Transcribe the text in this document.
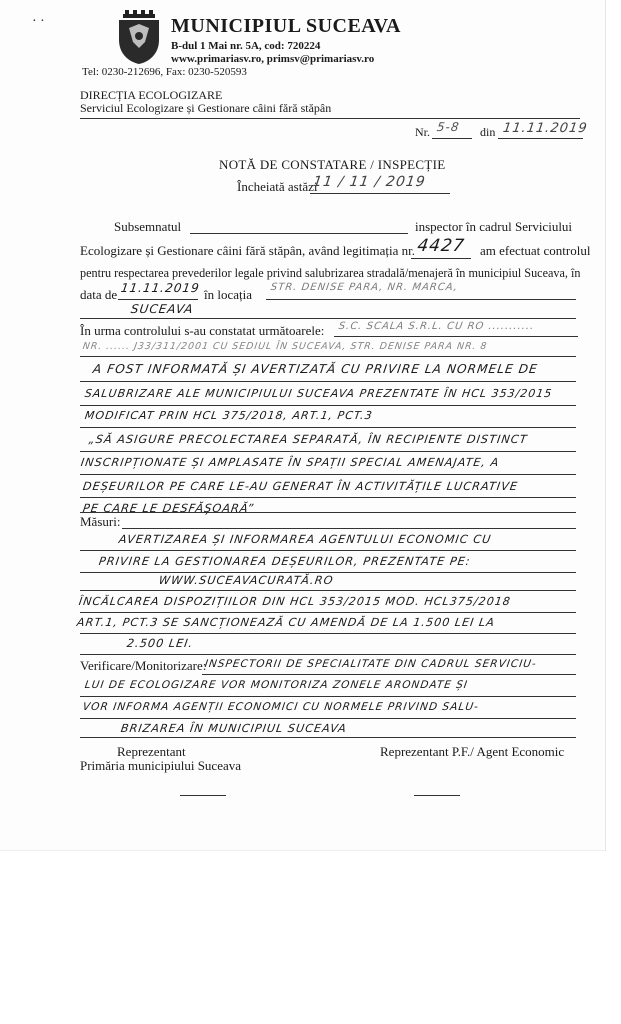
· ·	MUNICIPIUL SUCEAVA
B-dul 1 Mai nr. 5A, cod: 720224
www.primariasv.ro, primsv@primariasv.ro
Tel: 0230-212696, Fax: 0230-520593
DIRECȚIA ECOLOGIZARE
Serviciul Ecologizare și Gestionare câini fără stăpân
Nr. 5-8 din 11.11.2019
NOTĂ DE CONSTATARE / INSPECȚIE
Încheiată astăzi
11 / 11 / 2019
Subsemnatul	inspector în cadrul Serviciului
Ecologizare și Gestionare câini fără stăpân, având legitimația nr. 4427 am efectuat controlul
pentru respectarea prevederilor legale privind salubrizarea stradală/menajeră în municipiul Suceava, în
data de 11.11.2019 în locația STR. DENISE PARA, NR. MARCA,
SUCEAVA
În urma controlului s-au constatat următoarele: S.C. SCALA S.R.L. CU RO ...........
NR. ...... J33/311/2001 CU SEDIUL ÎN SUCEAVA, STR. DENISE PARA NR. 8
A FOST INFORMATĂ ȘI AVERTIZATĂ CU PRIVIRE LA NORMELE DE
SALUBRIZARE ALE MUNICIPIULUI SUCEAVA PREZENTATE ÎN HCL 353/2015
MODIFICAT PRIN HCL 375/2018, ART.1, PCT.3
„SĂ ASIGURE PRECOLECTAREA SEPARATĂ, ÎN RECIPIENTE DISTINCT
INSCRIPȚIONATE ȘI AMPLASATE ÎN SPAȚII SPECIAL AMENAJATE, A
DEȘEURILOR PE CARE LE-AU GENERAT ÎN ACTIVITĂȚILE LUCRATIVE
PE CARE LE DESFĂȘOARĂ”
Măsuri:
AVERTIZAREA ȘI INFORMAREA AGENTULUI ECONOMIC CU
PRIVIRE LA GESTIONAREA DEȘEURILOR, PREZENTATE PE:
WWW.SUCEAVACURATĂ.RO
ÎNCĂLCAREA DISPOZIȚIILOR DIN HCL 353/2015 MOD. HCL375/2018
ART.1, PCT.3 SE SANCȚIONEAZĂ CU AMENDĂ DE LA 1.500 LEI LA
2.500 LEI.
Verificare/Monitorizare:
INSPECTORII DE SPECIALITATE DIN CADRUL SERVICIU-
LUI DE ECOLOGIZARE VOR MONITORIZA ZONELE ARONDATE ȘI
VOR INFORMA AGENȚII ECONOMICI CU NORMELE PRIVIND SALU-
BRIZAREA ÎN MUNICIPIUL SUCEAVA
Reprezentant
Primăria municipiului Suceava
Reprezentant P.F./ Agent Economic
